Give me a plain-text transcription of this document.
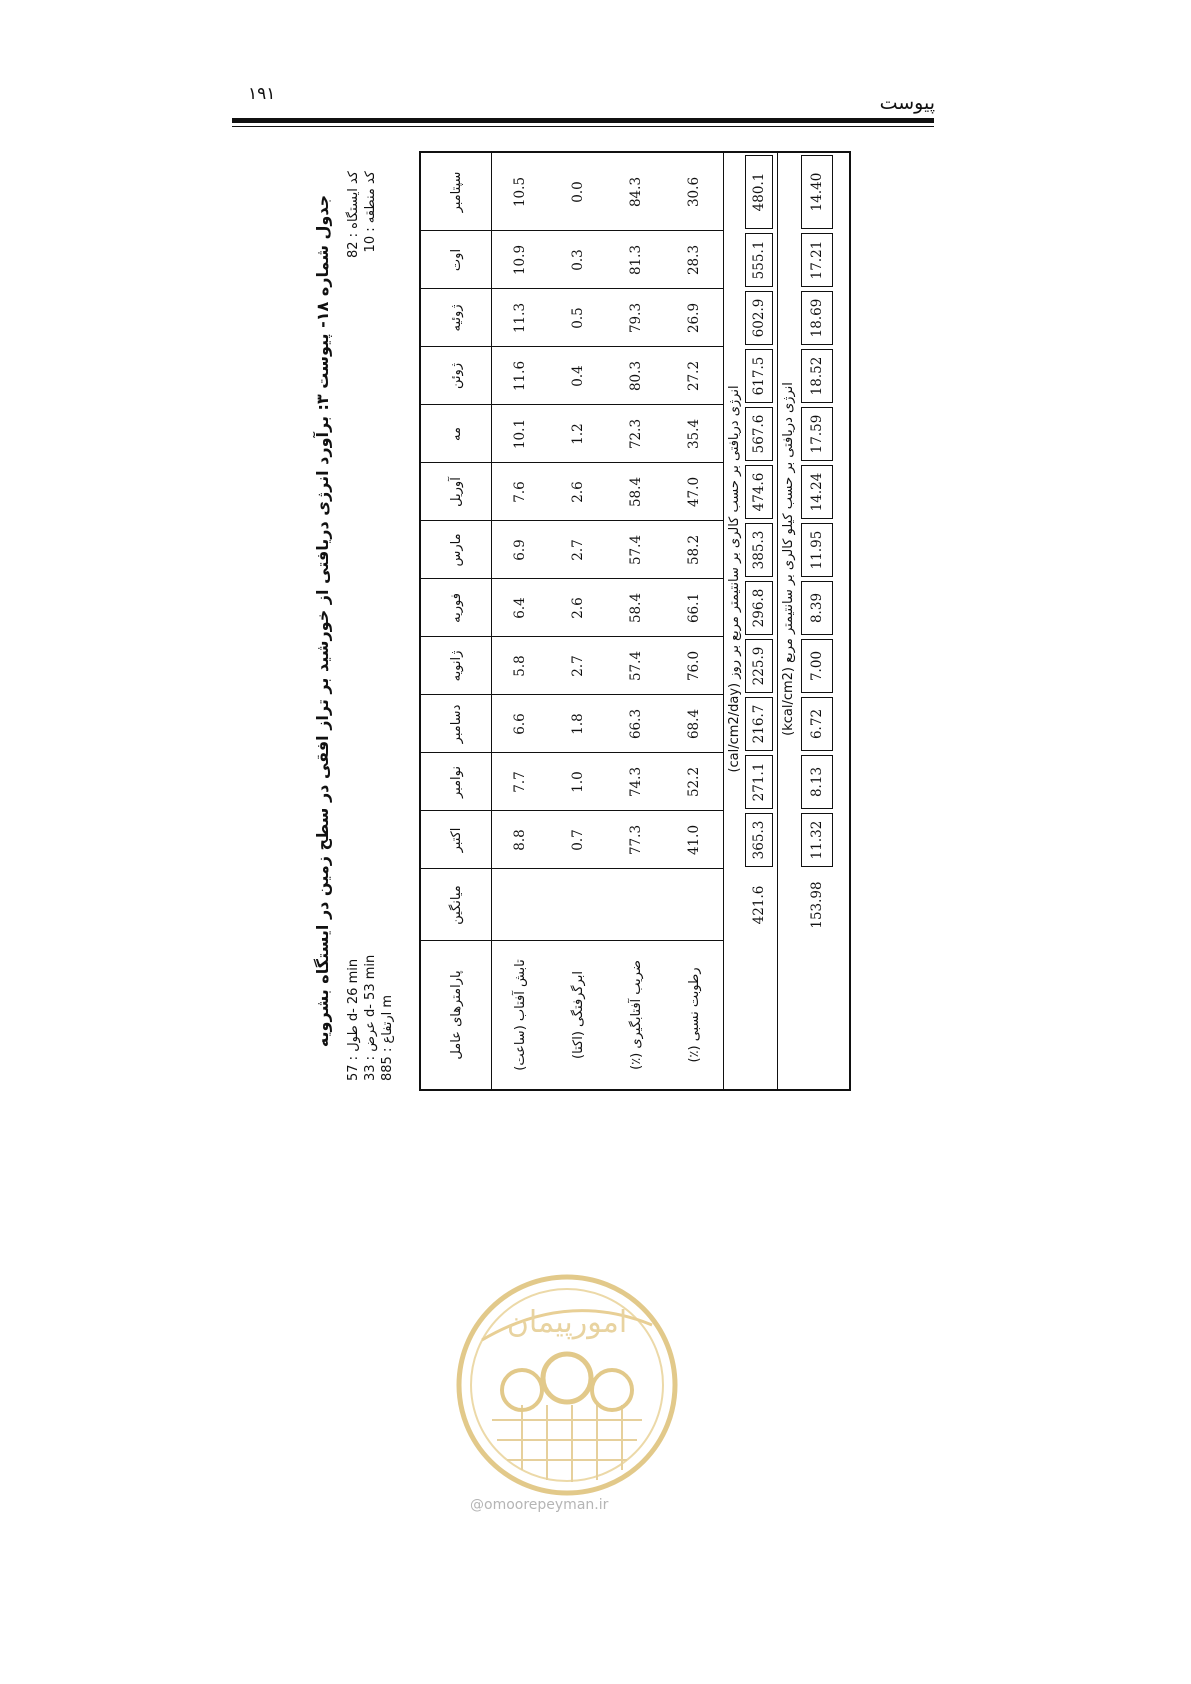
۱۹۱	پیوست
جدول شماره ۱۸- پیوست ۳: برآورد انرژی دریافتی از خورشید بر تراز افقی در سطح زمین در ایستگاه بشرویه
طول : 57 d- 26 min
عرض : 33 d- 53 min
ارتفاع : 885 m
کد ایستگاه : 82
کد منطقه : 10
پارامترهای عامل
میانگین
اکتبر
نوامبر
دسامبر
ژانویه
فوریه
مارس
آوریل
مه
ژوئن
ژوئیه
اوت
سپتامبر
تابش آفتاب (ساعت)
8.8
7.7
6.6
5.8
6.4
6.9
7.6
10.1
11.6
11.3
10.9
10.5
ابرگرفتگی (اکتا)
0.7
1.0
1.8
2.7
2.6
2.7
2.6
1.2
0.4
0.5
0.3
0.0
ضریب آفتابگیری (٪)
77.3
74.3
66.3
57.4
58.4
57.4
58.4
72.3
80.3
79.3
81.3
84.3
رطوبت نسبی (٪)
41.0
52.2
68.4
76.0
66.1
58.2
47.0
35.4
27.2
26.9
28.3
30.6
انرژی دریافتی بر حسب کالری بر سانتیمتر مربع بر روز (cal/cm2/day)
421.6
365.3
271.1
216.7
225.9
296.8
385.3
474.6
567.6
617.5
602.9
555.1
480.1
انرژی دریافتی بر حسب کیلو کالری بر سانتیمتر مربع (kcal/cm2)
153.98
11.32
8.13
6.72
7.00
8.39
11.95
14.24
17.59
18.52
18.69
17.21
14.40
امورپیمان
@omoorepeyman.ir
